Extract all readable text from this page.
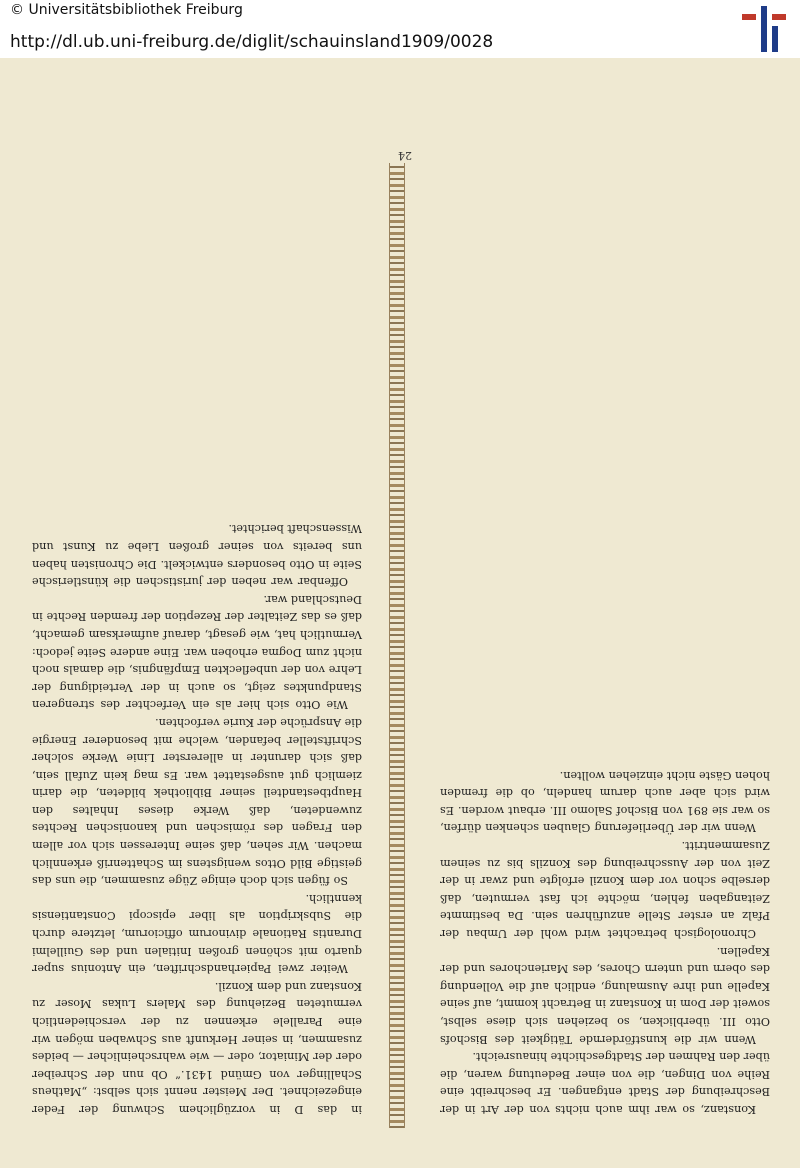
© Universitätsbibliothek Freiburg
http://dl.ub.uni-freiburg.de/diglit/schauinsland1909/0028

Konstanz, so war ihm auch nichts von der Art in der Beschreibung der Stadt entgangen. Er beschreibt eine Reihe von Dingen, die von einer Bedeutung waren, die über den Rahmen der Stadtgeschichte hinausreicht.

Wenn wir die kunstfördernde Tätigkeit des Bischofs Otto III. überblicken, so beziehen sich diese selbst, soweit der Dom in Konstanz in Betracht kommt, auf seine Kapelle und ihre Ausmalung, endlich auf die Vollendung des obern und untern Chores, des Marienchores und der Kapellen.

Chronologisch betrachtet wird wohl der Umbau der Pfalz an erster Stelle anzuführen sein. Da bestimmte Zeitangaben fehlen, möchte ich fast vermuten, daß derselbe schon vor dem Konzil erfolgte und zwar in der Zeit von der Ausschreibung des Konzils bis zu seinem Zusammentritt.

Wenn wir der Überlieferung Glauben schenken dürfen, so war sie 891 von Bischof Salomo III. erbaut worden. Es wird sich aber auch darum handeln, ob die fremden hohen Gäste nicht einziehen wollten.

in das D in vorzüglichem Schwung der Feder eingezeichnet. Der Meister nennt sich selbst: „Matheus Schallinger von Gmünd 1431.“ Ob nun der Schreiber oder der Miniator, oder — wie wahrscheinlicher — beides zusammen, in seiner Herkunft aus Schwaben mögen wir eine Parallele erkennen zu der verschiedentlich vermuteten Beziehung des Malers Lukas Moser zu Konstanz und dem Konzil.

Weiter zwei Papierhandschriften, ein Antonius super quarto mit schönen großen Initialen und des Guillelmi Durantis Rationale divinorum officiorum, letztere durch die Subskription als liber episcopi Constantiensis kenntlich.

So fügen sich doch einige Züge zusammen, die uns das geistige Bild Ottos wenigstens im Schattenriß erkennlich machen. Wir sehen, daß seine Interessen sich vor allem den Fragen des römischen und kanonischen Rechtes zuwendeten, daß Werke dieses Inhaltes den Hauptbestandteil seiner Bibliothek bildeten, die darin ziemlich gut ausgestattet war. Es mag kein Zufall sein, daß sich darunter in allererster Linie Werke solcher Schriftsteller befanden, welche mit besonderer Energie die Ansprüche der Kurie verfochten.

Wie Otto sich hier als ein Verfechter des strengeren Standpunktes zeigt, so auch in der Verteidigung der Lehre von der unbefleckten Empfängnis, die damals noch nicht zum Dogma erhoben war. Eine andere Seite jedoch: Vermutlich hat, wie gesagt, darauf aufmerksam gemacht, daß es das Zeitalter der Rezeption der fremden Rechte in Deutschland war.

Offenbar war neben der juristischen die künstlerische Seite in Otto besonders entwickelt. Die Chronisten haben uns bereits von seiner großen Liebe zu Kunst und Wissenschaft berichtet.

24
